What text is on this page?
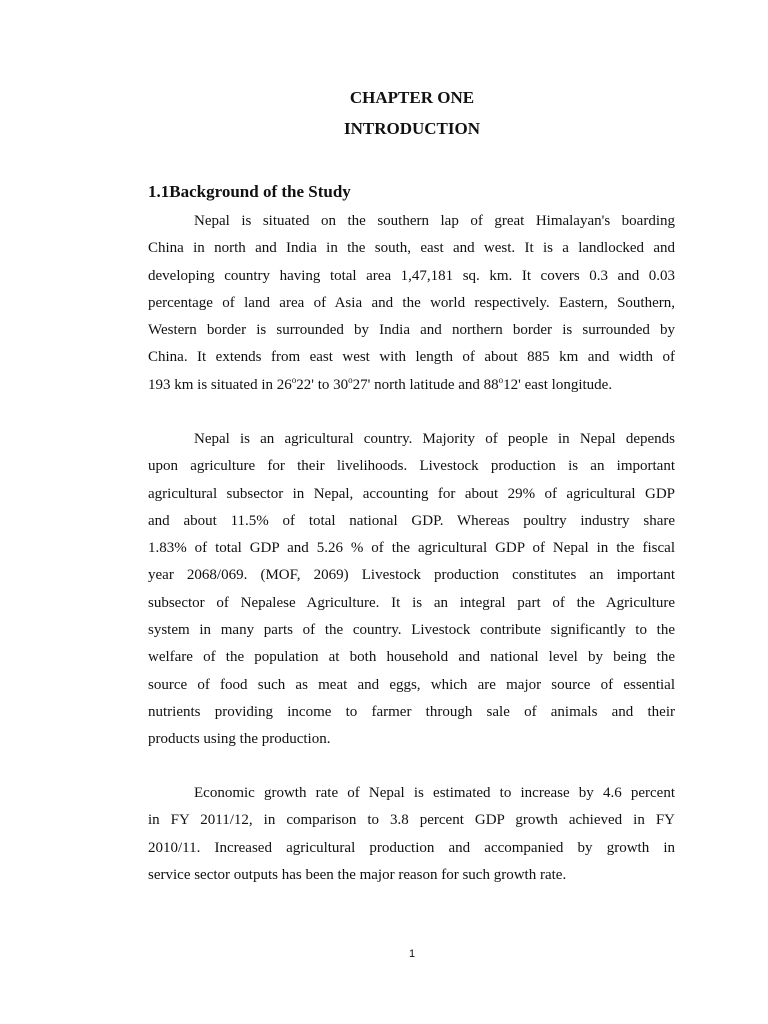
CHAPTER ONE
INTRODUCTION
1.1Background of the Study

Nepal is situated on the southern lap of great Himalayan's boarding
China in north and India in the south, east and west. It is a landlocked and
developing country having total area 1,47,181 sq. km. It covers 0.3 and 0.03
percentage of land area of Asia and the world respectively. Eastern, Southern,
Western border is surrounded by India and northern border is surrounded by
China. It extends from east west with length of about 885 km and width of
193 km is situated in 26$^o$22' to 30$^o$27' north latitude and 88$^o$12' east longitude.

Nepal is an agricultural country. Majority of people in Nepal depends
upon agriculture for their livelihoods. Livestock production is an important
agricultural subsector in Nepal, accounting for about 29% of agricultural GDP
and about 11.5% of total national GDP. Whereas poultry industry share
1.83% of total GDP and 5.26 % of the agricultural GDP of Nepal in the fiscal
year 2068/069. (MOF, 2069) Livestock production constitutes an important
subsector of Nepalese Agriculture. It is an integral part of the Agriculture
system in many parts of the country. Livestock contribute significantly to the
welfare of the population at both household and national level by being the
source of food such as meat and eggs, which are major source of essential
nutrients providing income to farmer through sale of animals and their
products using the production.

Economic growth rate of Nepal is estimated to increase by 4.6 percent
in FY 2011/12, in comparison to 3.8 percent GDP growth achieved in FY
2010/11. Increased agricultural production and accompanied by growth in
service sector outputs has been the major reason for such growth rate.

1
